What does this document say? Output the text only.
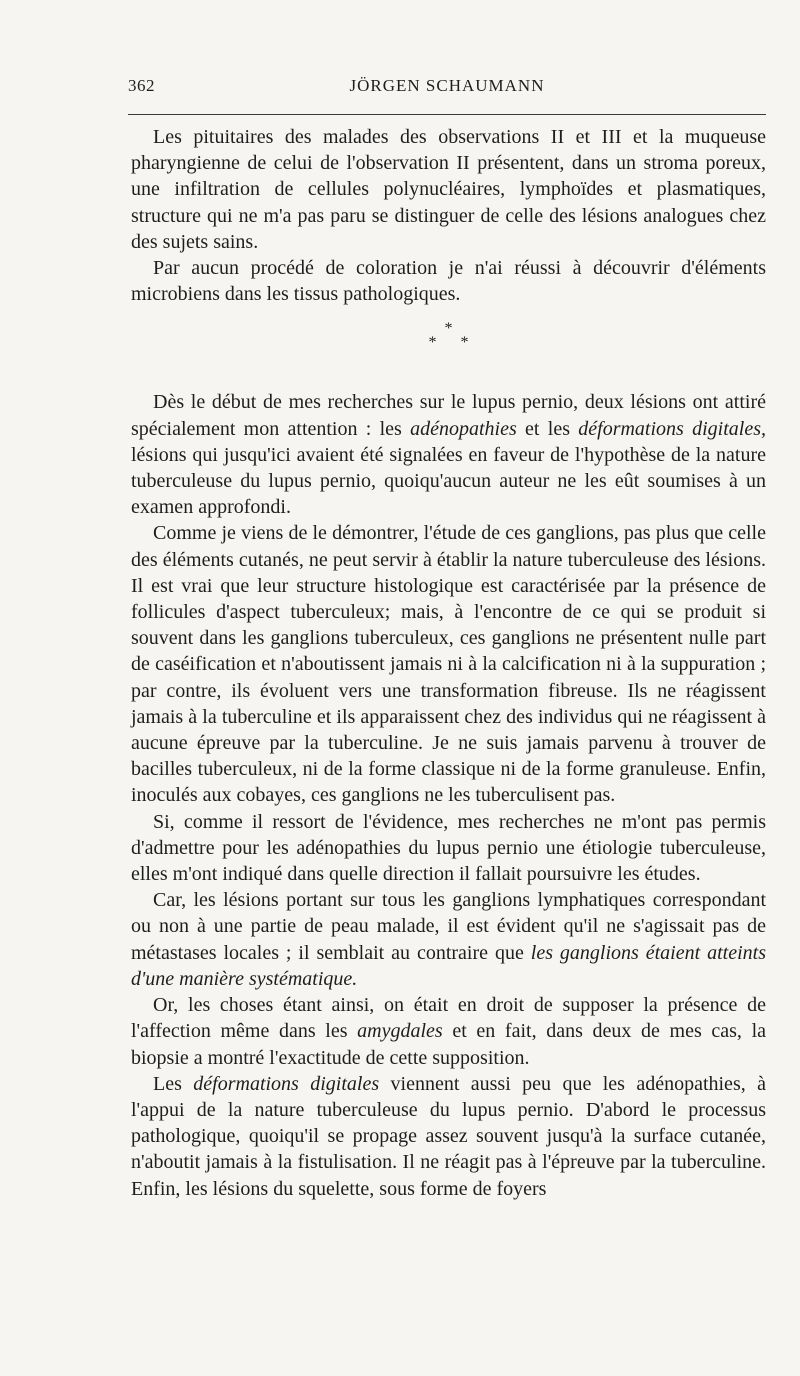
362	JÖRGEN SCHAUMANN

Les pituitaires des malades des observations II et III et la muqueuse pharyngienne de celui de l'observation II présentent, dans un stroma poreux, une infiltration de cellules polynucléaires, lymphoïdes et plasmatiques, structure qui ne m'a pas paru se distinguer de celle des lésions analogues chez des sujets sains.

Par aucun procédé de coloration je n'ai réussi à découvrir d'éléments microbiens dans les tissus pathologiques.

*
* *

Dès le début de mes recherches sur le lupus pernio, deux lésions ont attiré spécialement mon attention : les adénopathies et les déformations digitales, lésions qui jusqu'ici avaient été signalées en faveur de l'hypothèse de la nature tuberculeuse du lupus pernio, quoiqu'aucun auteur ne les eût soumises à un examen approfondi.

Comme je viens de le démontrer, l'étude de ces ganglions, pas plus que celle des éléments cutanés, ne peut servir à établir la nature tuberculeuse des lésions. Il est vrai que leur structure histologique est caractérisée par la présence de follicules d'aspect tuberculeux; mais, à l'encontre de ce qui se produit si souvent dans les ganglions tuberculeux, ces ganglions ne présentent nulle part de caséification et n'aboutissent jamais ni à la calcification ni à la suppuration ; par contre, ils évoluent vers une transformation fibreuse. Ils ne réagissent jamais à la tuberculine et ils apparaissent chez des individus qui ne réagissent à aucune épreuve par la tuberculine. Je ne suis jamais parvenu à trouver de bacilles tuberculeux, ni de la forme classique ni de la forme granuleuse. Enfin, inoculés aux cobayes, ces ganglions ne les tuberculisent pas.

Si, comme il ressort de l'évidence, mes recherches ne m'ont pas permis d'admettre pour les adénopathies du lupus pernio une étiologie tuberculeuse, elles m'ont indiqué dans quelle direction il fallait poursuivre les études.

Car, les lésions portant sur tous les ganglions lymphatiques correspondant ou non à une partie de peau malade, il est évident qu'il ne s'agissait pas de métastases locales ; il semblait au contraire que les ganglions étaient atteints d'une manière systématique.

Or, les choses étant ainsi, on était en droit de supposer la présence de l'affection même dans les amygdales et en fait, dans deux de mes cas, la biopsie a montré l'exactitude de cette supposition.

Les déformations digitales viennent aussi peu que les adénopathies, à l'appui de la nature tuberculeuse du lupus pernio. D'abord le processus pathologique, quoiqu'il se propage assez souvent jusqu'à la surface cutanée, n'aboutit jamais à la fistulisation. Il ne réagit pas à l'épreuve par la tuberculine. Enfin, les lésions du squelette, sous forme de foyers
